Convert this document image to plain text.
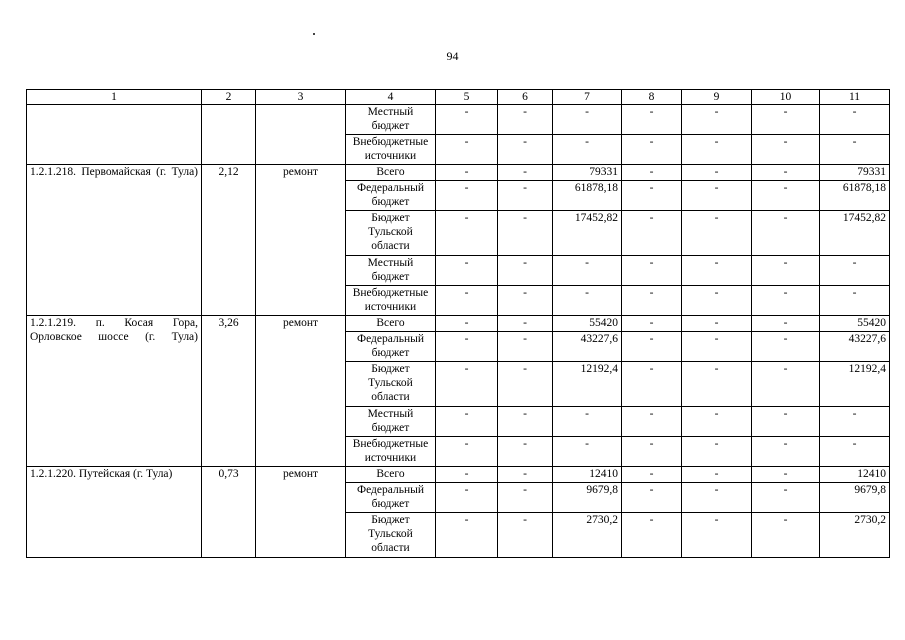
94
1	2	3	4	5	6	7	8	9	10	11
			Местный бюджет	-	-	-	-	-	-	-
			Внебюджетные источники	-	-	-	-	-	-	-
1.2.1.218. Первомайская (г. Тула)	2,12	ремонт	Всего	-	-	79331	-	-	-	79331
			Федеральный бюджет	-	-	61878,18	-	-	-	61878,18
			Бюджет Тульской области	-	-	17452,82	-	-	-	17452,82
			Местный бюджет	-	-	-	-	-	-	-
			Внебюджетные источники	-	-	-	-	-	-	-
1.2.1.219. п. Косая Гора, Орловское шоссе (г. Тула)	3,26	ремонт	Всего	-	-	55420	-	-	-	55420
			Федеральный бюджет	-	-	43227,6	-	-	-	43227,6
			Бюджет Тульской области	-	-	12192,4	-	-	-	12192,4
			Местный бюджет	-	-	-	-	-	-	-
			Внебюджетные источники	-	-	-	-	-	-	-
1.2.1.220. Путейская (г. Тула)	0,73	ремонт	Всего	-	-	12410	-	-	-	12410
			Федеральный бюджет	-	-	9679,8	-	-	-	9679,8
			Бюджет Тульской области	-	-	2730,2	-	-	-	2730,2
